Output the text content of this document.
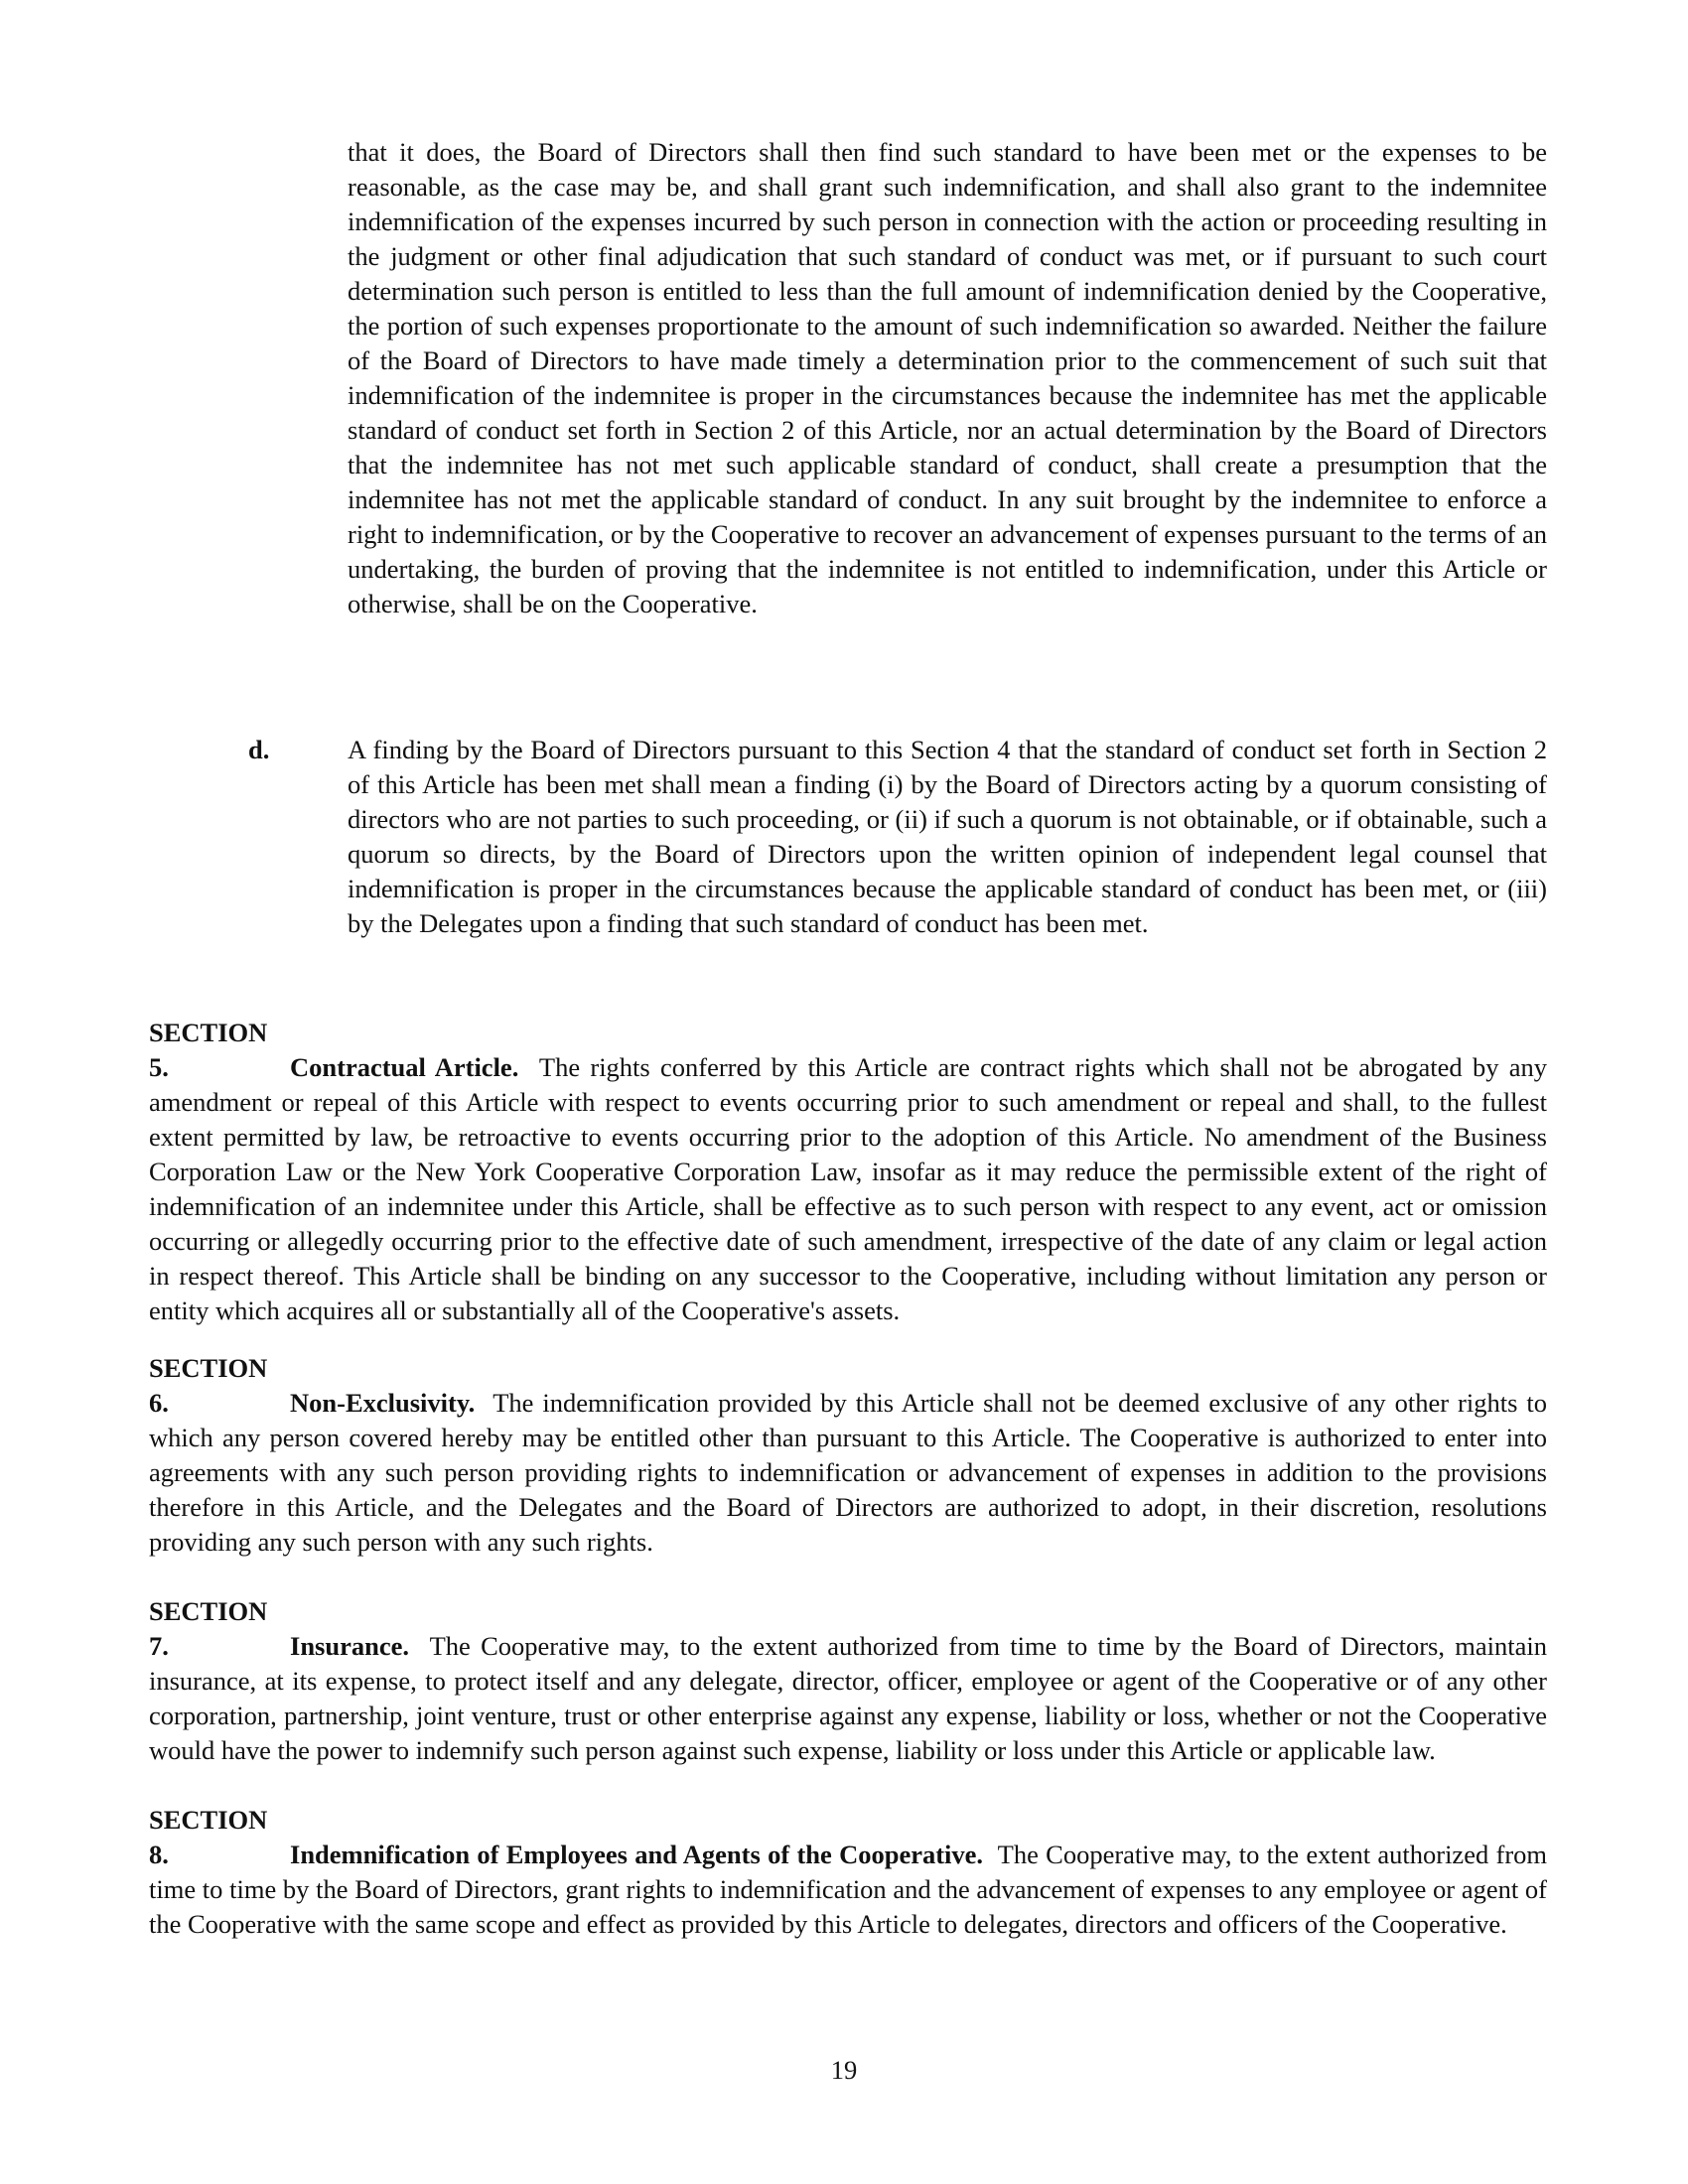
that it does, the Board of Directors shall then find such standard to have been met or the expenses to be reasonable, as the case may be, and shall grant such indemnification, and shall also grant to the indemnitee indemnification of the expenses incurred by such person in connection with the action or proceeding resulting in the judgment or other final adjudication that such standard of conduct was met, or if pursuant to such court determination such person is entitled to less than the full amount of indemnification denied by the Cooperative, the portion of such expenses proportionate to the amount of such indemnification so awarded. Neither the failure of the Board of Directors to have made timely a determination prior to the commencement of such suit that indemnification of the indemnitee is proper in the circumstances because the indemnitee has met the applicable standard of conduct set forth in Section 2 of this Article, nor an actual determination by the Board of Directors that the indemnitee has not met such applicable standard of conduct, shall create a presumption that the indemnitee has not met the applicable standard of conduct. In any suit brought by the indemnitee to enforce a right to indemnification, or by the Cooperative to recover an advancement of expenses pursuant to the terms of an undertaking, the burden of proving that the indemnitee is not entitled to indemnification, under this Article or otherwise, shall be on the Cooperative.

d.	A finding by the Board of Directors pursuant to this Section 4 that the standard of conduct set forth in Section 2 of this Article has been met shall mean a finding (i) by the Board of Directors acting by a quorum consisting of directors who are not parties to such proceeding, or (ii) if such a quorum is not obtainable, or if obtainable, such a quorum so directs, by the Board of Directors upon the written opinion of independent legal counsel that indemnification is proper in the circumstances because the applicable standard of conduct has been met, or (iii) by the Delegates upon a finding that such standard of conduct has been met.

SECTION 5.	Contractual Article. The rights conferred by this Article are contract rights which shall not be abrogated by any amendment or repeal of this Article with respect to events occurring prior to such amendment or repeal and shall, to the fullest extent permitted by law, be retroactive to events occurring prior to the adoption of this Article. No amendment of the Business Corporation Law or the New York Cooperative Corporation Law, insofar as it may reduce the permissible extent of the right of indemnification of an indemnitee under this Article, shall be effective as to such person with respect to any event, act or omission occurring or allegedly occurring prior to the effective date of such amendment, irrespective of the date of any claim or legal action in respect thereof. This Article shall be binding on any successor to the Cooperative, including without limitation any person or entity which acquires all or substantially all of the Cooperative's assets.

SECTION 6.	Non-Exclusivity. The indemnification provided by this Article shall not be deemed exclusive of any other rights to which any person covered hereby may be entitled other than pursuant to this Article. The Cooperative is authorized to enter into agreements with any such person providing rights to indemnification or advancement of expenses in addition to the provisions therefore in this Article, and the Delegates and the Board of Directors are authorized to adopt, in their discretion, resolutions providing any such person with any such rights.

SECTION 7.	Insurance. The Cooperative may, to the extent authorized from time to time by the Board of Directors, maintain insurance, at its expense, to protect itself and any delegate, director, officer, employee or agent of the Cooperative or of any other corporation, partnership, joint venture, trust or other enterprise against any expense, liability or loss, whether or not the Cooperative would have the power to indemnify such person against such expense, liability or loss under this Article or applicable law.

SECTION 8.	Indemnification of Employees and Agents of the Cooperative. The Cooperative may, to the extent authorized from time to time by the Board of Directors, grant rights to indemnification and the advancement of expenses to any employee or agent of the Cooperative with the same scope and effect as provided by this Article to delegates, directors and officers of the Cooperative.

19
